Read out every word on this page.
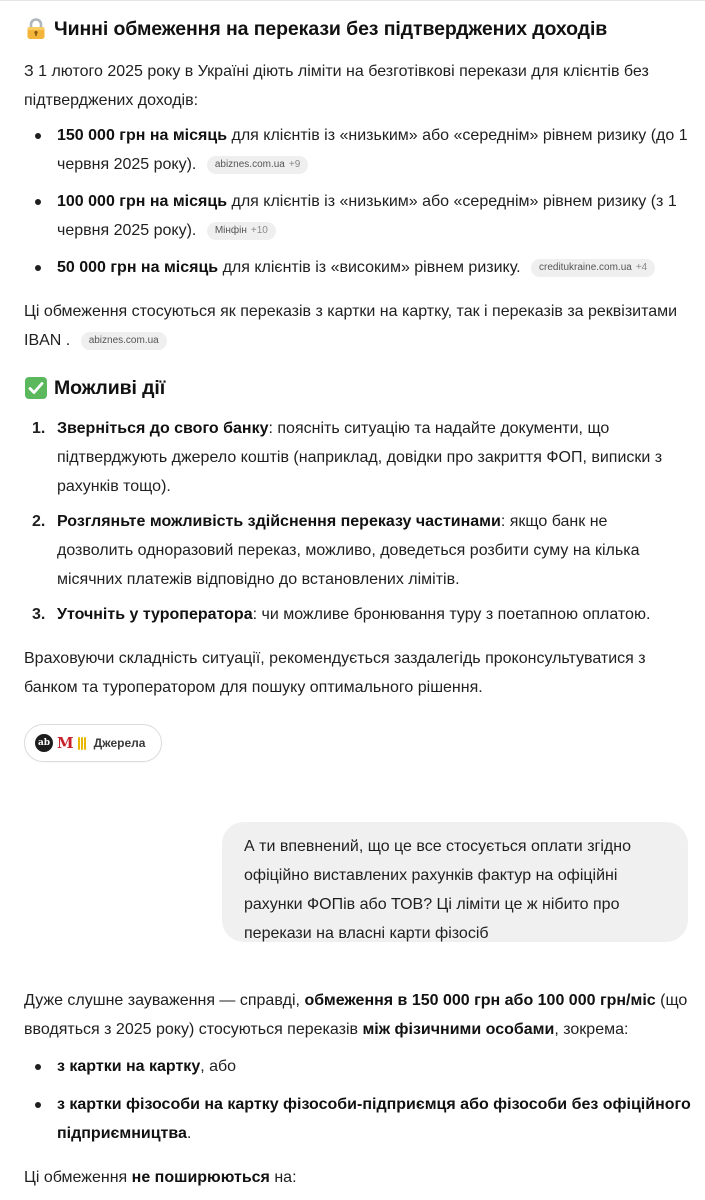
Чинні обмеження на перекази без підтверджених доходів

З 1 лютого 2025 року в Україні діють ліміти на безготівкові перекази для клієнтів без підтверджених доходів:

150 000 грн на місяць для клієнтів із «низьким» або «середнім» рівнем ризику (до 1 червня 2025 року). abiznes.com.ua +9
100 000 грн на місяць для клієнтів із «низьким» або «середнім» рівнем ризику (з 1 червня 2025 року). Мінфін +10
50 000 грн на місяць для клієнтів із «високим» рівнем ризику. creditukraine.com.ua +4

Ці обмеження стосуються як переказів з картки на картку, так і переказів за реквізитами IBAN . abiznes.com.ua

Можливі дії
1. Зверніться до свого банку: поясніть ситуацію та надайте документи, що підтверджують джерело коштів (наприклад, довідки про закриття ФОП, виписки з рахунків тощо).
2. Розгляньте можливість здійснення переказу частинами: якщо банк не дозволить одноразовий переказ, можливо, доведеться розбити суму на кілька місячних платежів відповідно до встановлених лімітів.
3. Уточніть у туроператора: чи можливе бронювання туру з поетапною оплатою.

Враховуючи складність ситуації, рекомендується заздалегідь проконсультуватися з банком та туроператором для пошуку оптимального рішення.

ab M Джерела
А ти впевнений, що це все стосується оплати згідно офіційно виставлених рахунків фактур на офіційні рахунки ФОПів або ТОВ? Ці ліміти це ж нібито про перекази на власні карти фізосіб

Дуже слушне зауваження — справді, обмеження в 150 000 грн або 100 000 грн/міс (що вводяться з 2025 року) стосуються переказів між фізичними особами, зокрема:

з картки на картку, або
з картки фізособи на картку фізособи-підприємця або фізособи без офіційного підприємництва.

Ці обмеження не поширюються на:
